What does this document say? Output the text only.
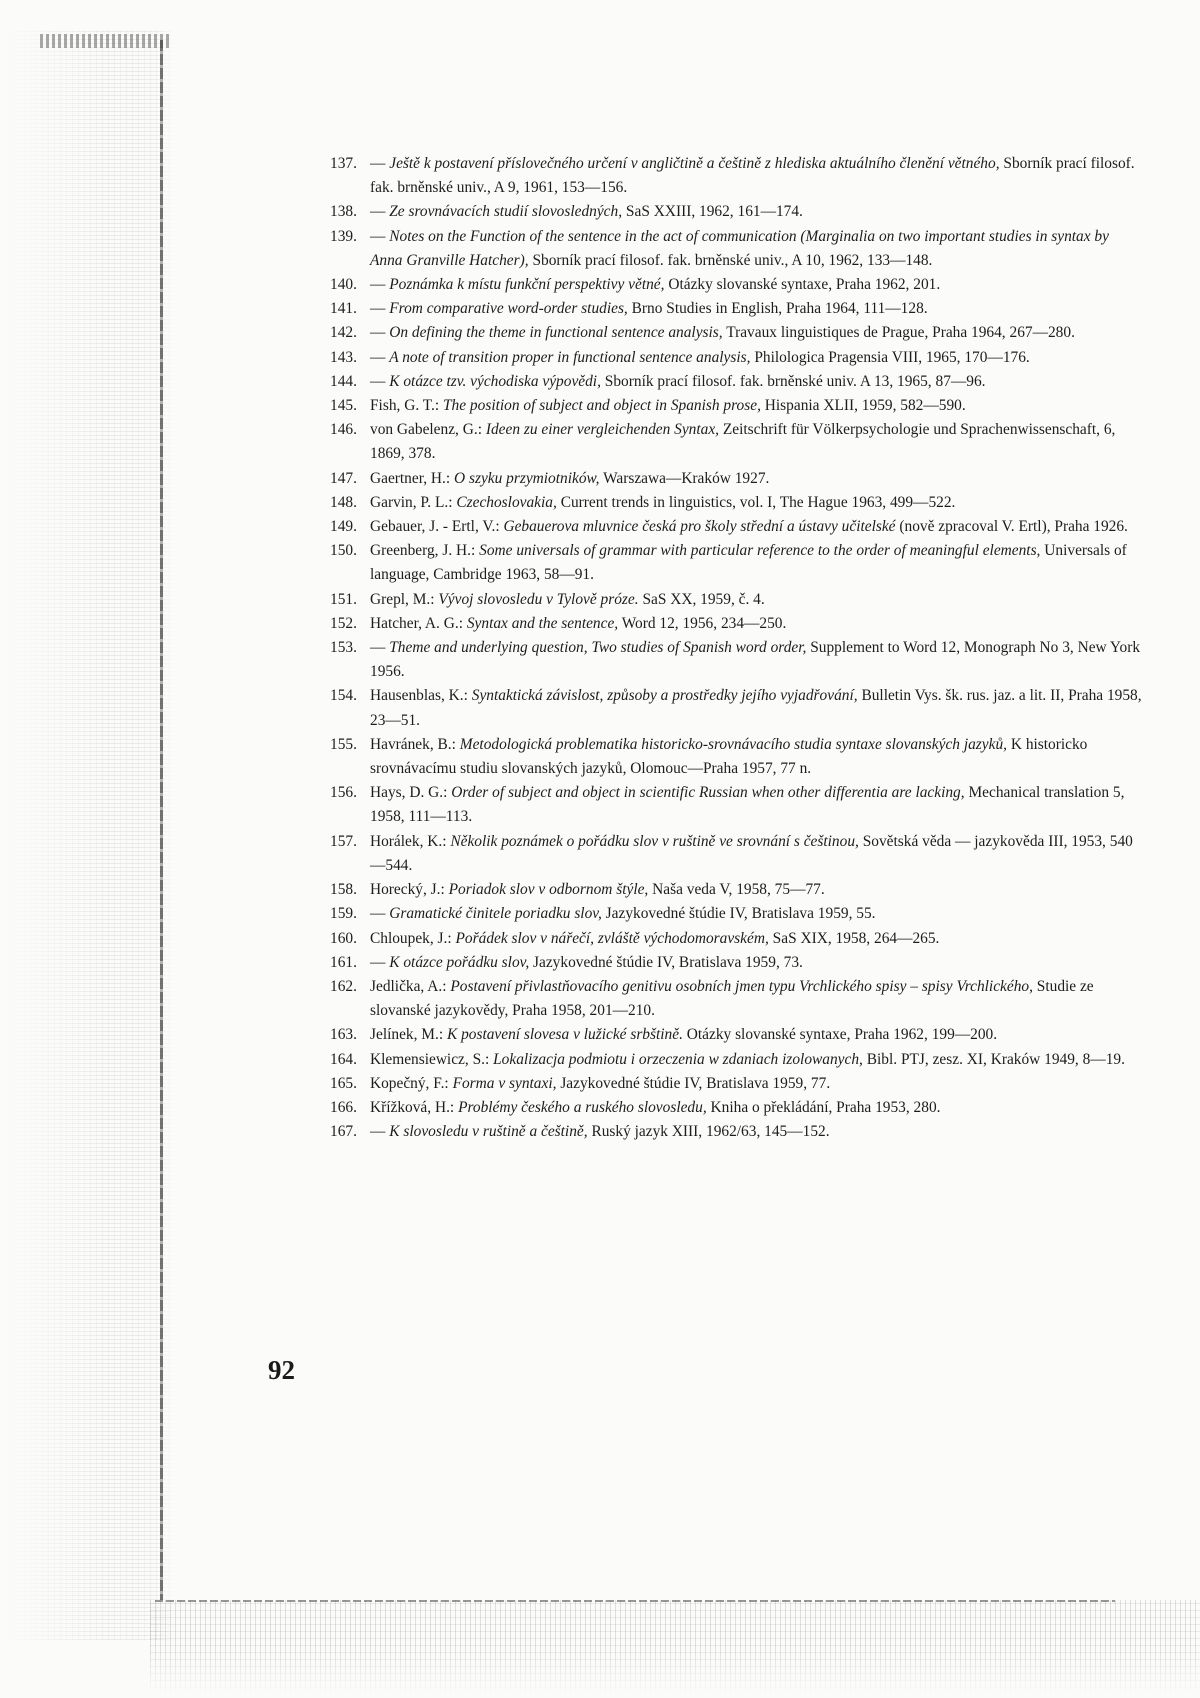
137. — Ještě k postavení příslovečného určení v angličtině a češtině z hlediska aktuálního členění větného, Sborník prací filosof. fak. brněnské univ., A 9, 1961, 153—156.
138. — Ze srovnávacích studií slovosledných, SaS XXIII, 1962, 161—174.
139. — Notes on the Function of the sentence in the act of communication (Marginalia on two important studies in syntax by Anna Granville Hatcher), Sborník prací filosof. fak. brněnské univ., A 10, 1962, 133—148.
140. — Poznámka k místu funkční perspektivy větné, Otázky slovanské syntaxe, Praha 1962, 201.
141. — From comparative word-order studies, Brno Studies in English, Praha 1964, 111—128.
142. — On defining the theme in functional sentence analysis, Travaux linguistiques de Prague, Praha 1964, 267—280.
143. — A note of transition proper in functional sentence analysis, Philologica Pragensia VIII, 1965, 170—176.
144. — K otázce tzv. východiska výpovědi, Sborník prací filosof. fak. brněnské univ. A 13, 1965, 87—96.
145. Fish, G. T.: The position of subject and object in Spanish prose, Hispania XLII, 1959, 582—590.
146. von Gabelenz, G.: Ideen zu einer vergleichenden Syntax, Zeitschrift für Völkerpsychologie und Sprachenwissenschaft, 6, 1869, 378.
147. Gaertner, H.: O szyku przymiotników, Warszawa—Kraków 1927.
148. Garvin, P. L.: Czechoslovakia, Current trends in linguistics, vol. I, The Hague 1963, 499—522.
149. Gebauer, J. - Ertl, V.: Gebauerova mluvnice česká pro školy střední a ústavy učitelské (nově zpracoval V. Ertl), Praha 1926.
150. Greenberg, J. H.: Some universals of grammar with particular reference to the order of meaningful elements, Universals of language, Cambridge 1963, 58—91.
151. Grepl, M.: Vývoj slovosledu v Tylově próze. SaS XX, 1959, č. 4.
152. Hatcher, A. G.: Syntax and the sentence, Word 12, 1956, 234—250.
153. — Theme and underlying question, Two studies of Spanish word order, Supplement to Word 12, Monograph No 3, New York 1956.
154. Hausenblas, K.: Syntaktická závislost, způsoby a prostředky jejího vyjadřování, Bulletin Vys. šk. rus. jaz. a lit. II, Praha 1958, 23—51.
155. Havránek, B.: Metodologická problematika historicko-srovnávacího studia syntaxe slovanských jazyků, K historicko srovnávacímu studiu slovanských jazyků, Olomouc—Praha 1957, 77 n.
156. Hays, D. G.: Order of subject and object in scientific Russian when other differentia are lacking, Mechanical translation 5, 1958, 111—113.
157. Horálek, K.: Několik poznámek o pořádku slov v ruštině ve srovnání s češtinou, Sovětská věda — jazykověda III, 1953, 540—544.
158. Horecký, J.: Poriadok slov v odbornom štýle, Naša veda V, 1958, 75—77.
159. — Gramatické činitele poriadku slov, Jazykovedné štúdie IV, Bratislava 1959, 55.
160. Chloupek, J.: Pořádek slov v nářečí, zvláště východomoravském, SaS XIX, 1958, 264—265.
161. — K otázce pořádku slov, Jazykovedné štúdie IV, Bratislava 1959, 73.
162. Jedlička, A.: Postavení přivlastňovacího genitivu osobních jmen typu Vrchlického spisy – spisy Vrchlického, Studie ze slovanské jazykovědy, Praha 1958, 201—210.
163. Jelínek, M.: K postavení slovesa v lužické srbštině. Otázky slovanské syntaxe, Praha 1962, 199—200.
164. Klemensiewicz, S.: Lokalizacja podmiotu i orzeczenia w zdaniach izolowanych, Bibl. PTJ, zesz. XI, Kraków 1949, 8—19.
165. Kopečný, F.: Forma v syntaxi, Jazykovedné štúdie IV, Bratislava 1959, 77.
166. Křížková, H.: Problémy českého a ruského slovosledu, Kniha o překládání, Praha 1953, 280.
167. — K slovosledu v ruštině a češtině, Ruský jazyk XIII, 1962/63, 145—152.
92
